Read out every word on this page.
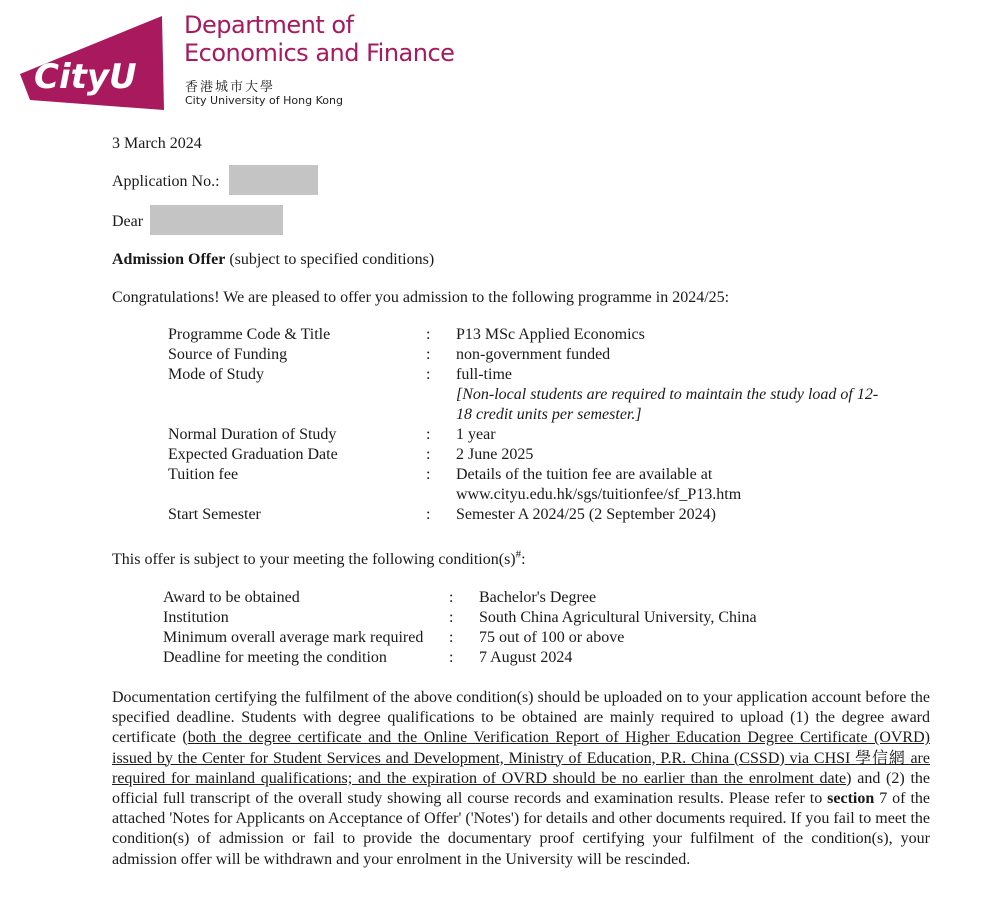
CityU
Department of
Economics and Finance
香港城市大學
City University of Hong Kong
3 March 2024
Application No.:
Dear
Admission Offer (subject to specified conditions)
Congratulations! We are pleased to offer you admission to the following programme in 2024/25:
Programme Code & Title	:	P13 MSc Applied Economics
Source of Funding	:	non-government funded
Mode of Study	:	full-time
[Non-local students are required to maintain the study load of 12-
18 credit units per semester.]

Normal Duration of Study	:	1 year
Expected Graduation Date	:	2 June 2025
Tuition fee	:	Details of the tuition fee are available at
www.cityu.edu.hk/sgs/tuitionfee/sf_P13.htm

Start Semester	:	Semester A 2024/25 (2 September 2024)
This offer is subject to your meeting the following condition(s)#:
Award to be obtained	:	Bachelor's Degree
Institution	:	South China Agricultural University, China
Minimum overall average mark required	:	75 out of 100 or above
Deadline for meeting the condition	:	7 August 2024
Documentation certifying the fulfilment of the above condition(s) should be uploaded on to your application account before the specified deadline. Students with degree qualifications to be obtained are mainly required to upload (1) the degree award certificate (both the degree certificate and the Online Verification Report of Higher Education Degree Certificate (OVRD) issued by the Center for Student Services and Development, Ministry of Education, P.R. China (CSSD) via CHSI 學信網 are required for mainland qualifications; and the expiration of OVRD should be no earlier than the enrolment date) and (2) the official full transcript of the overall study showing all course records and examination results. Please refer to section 7 of the attached 'Notes for Applicants on Acceptance of Offer' ('Notes') for details and other documents required. If you fail to meet the condition(s) of admission or fail to provide the documentary proof certifying your fulfilment of the condition(s), your admission offer will be withdrawn and your enrolment in the University will be rescinded.
